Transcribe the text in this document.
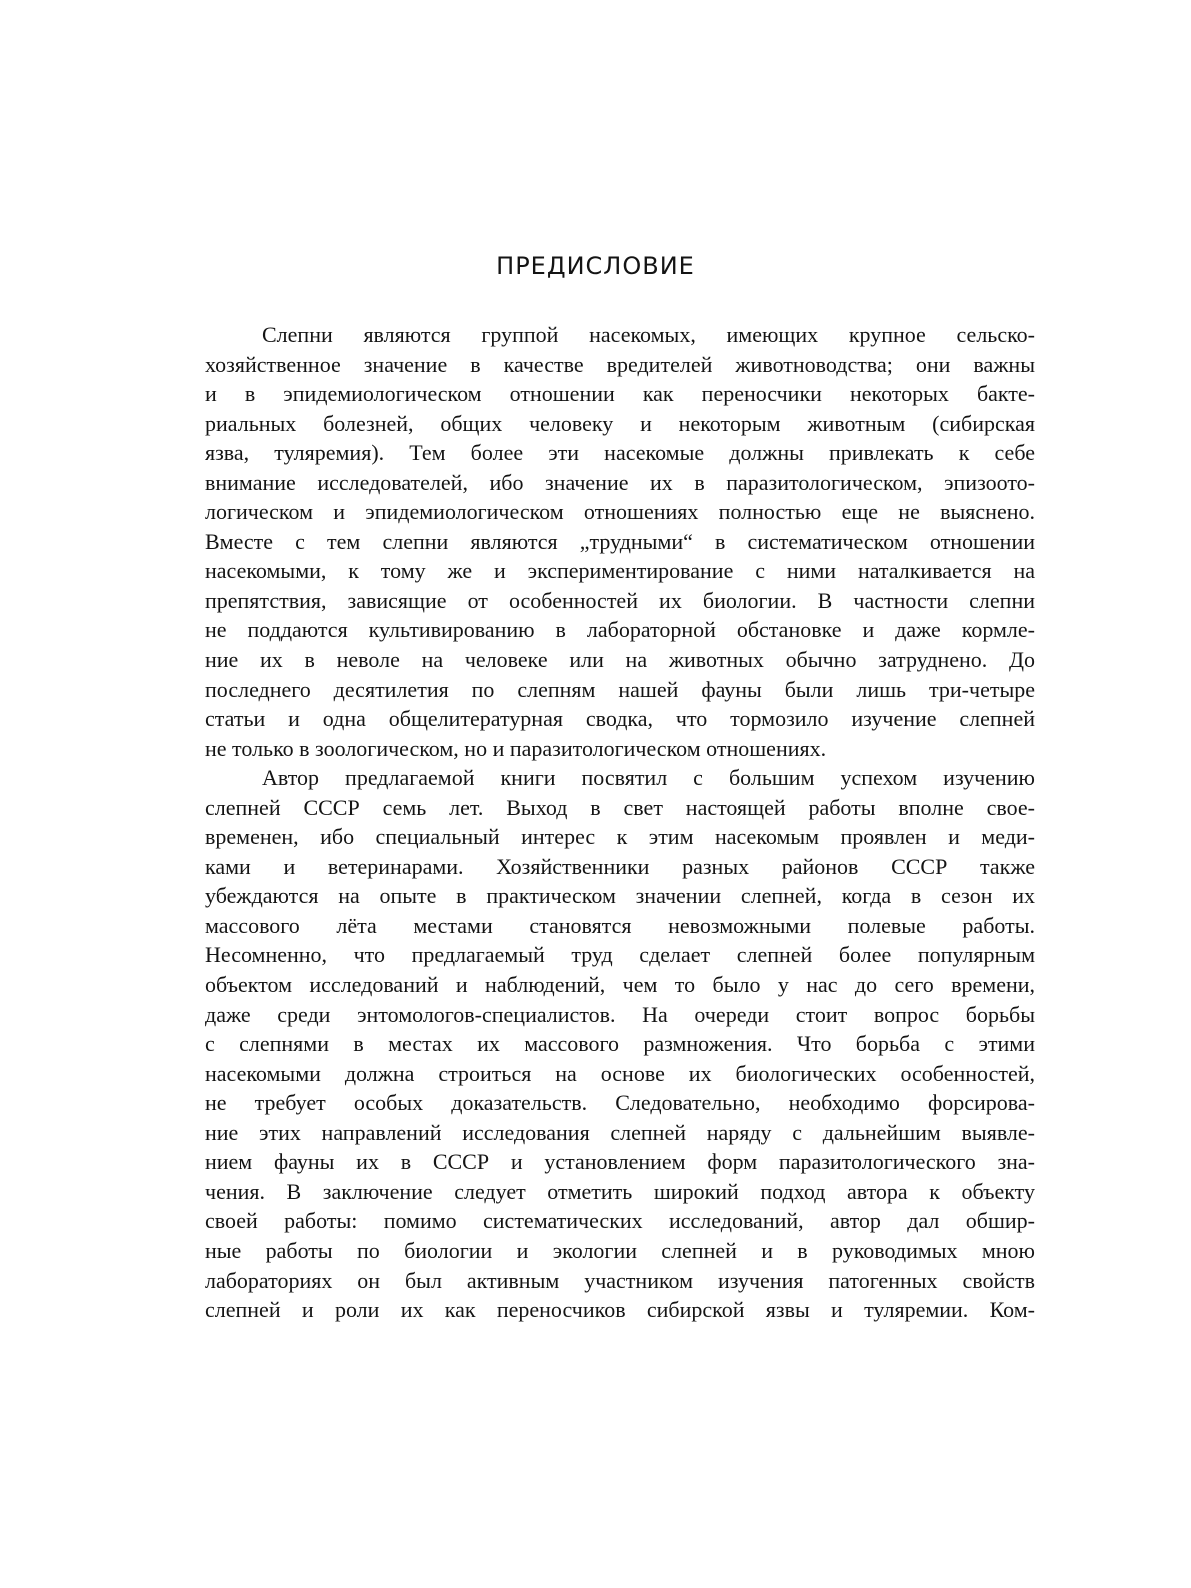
ПРЕДИСЛОВИЕ
Слепни являются группой насекомых, имеющих крупное сельско-
хозяйственное значение в качестве вредителей животноводства; они важны
и в эпидемиологическом отношении как переносчики некоторых бакте-
риальных болезней, общих человеку и некоторым животным (сибирская
язва, туляремия). Тем более эти насекомые должны привлекать к себе
внимание исследователей, ибо значение их в паразитологическом, эпизоото-
логическом и эпидемиологическом отношениях полностью еще не выяснено.
Вместе с тем слепни являются „трудными“ в систематическом отношении
насекомыми, к тому же и экспериментирование с ними наталкивается на
препятствия, зависящие от особенностей их биологии. В частности слепни
не поддаются культивированию в лабораторной обстановке и даже кормле-
ние их в неволе на человеке или на животных обычно затруднено. До
последнего десятилетия по слепням нашей фауны были лишь три-четыре
статьи и одна общелитературная сводка, что тормозило изучение слепней
не только в зоологическом, но и паразитологическом отношениях.
Автор предлагаемой книги посвятил с большим успехом изучению
слепней СССР семь лет. Выход в свет настоящей работы вполне свое-
временен, ибо специальный интерес к этим насекомым проявлен и меди-
ками и ветеринарами. Хозяйственники разных районов СССР также
убеждаются на опыте в практическом значении слепней, когда в сезон их
массового лёта местами становятся невозможными полевые работы.
Несомненно, что предлагаемый труд сделает слепней более популярным
объектом исследований и наблюдений, чем то было у нас до сего времени,
даже среди энтомологов-специалистов. На очереди стоит вопрос борьбы
с слепнями в местах их массового размножения. Что борьба с этими
насекомыми должна строиться на основе их биологических особенностей,
не требует особых доказательств. Следовательно, необходимо форсирова-
ние этих направлений исследования слепней наряду с дальнейшим выявле-
нием фауны их в СССР и установлением форм паразитологического зна-
чения. В заключение следует отметить широкий подход автора к объекту
своей работы: помимо систематических исследований, автор дал обшир-
ные работы по биологии и экологии слепней и в руководимых мною
лабораториях он был активным участником изучения патогенных свойств
слепней и роли их как переносчиков сибирской язвы и туляремии. Ком-
